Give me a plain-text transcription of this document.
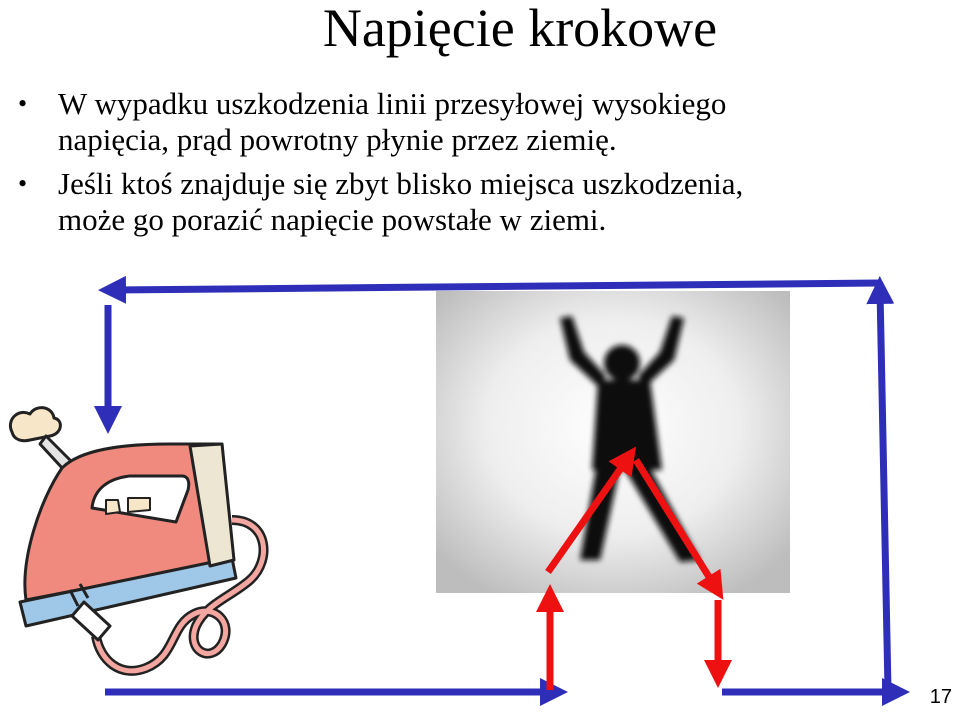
Napięcie krokowe
• W wypadku uszkodzenia linii przesyłowej wysokiego
napięcia, prąd powrotny płynie przez ziemię.
• Jeśli ktoś znajduje się zbyt blisko miejsca uszkodzenia,
może go porazić napięcie powstałe w ziemi.
17
